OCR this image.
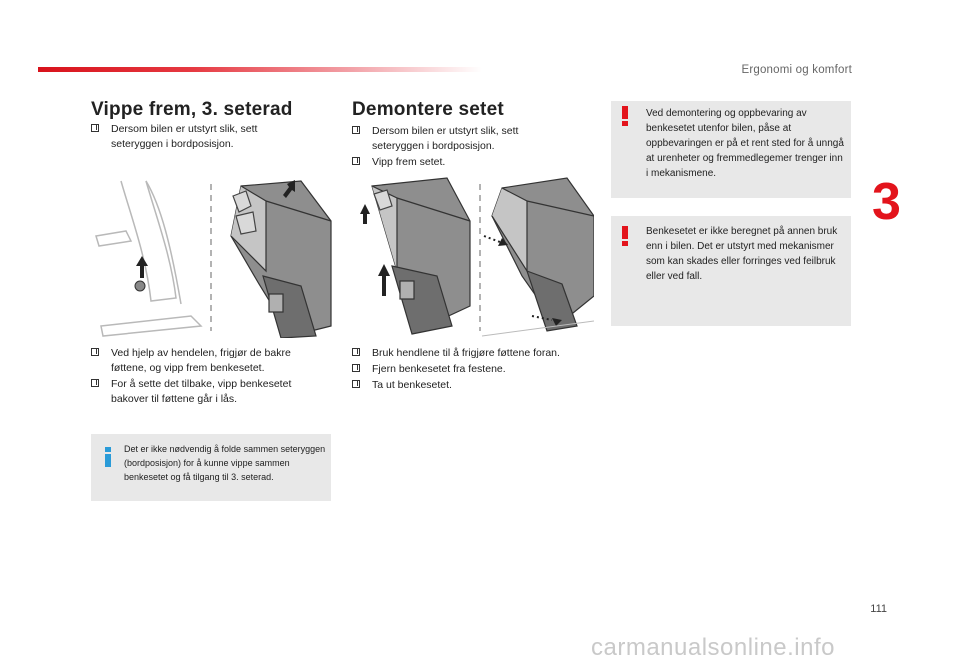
Ergonomi og komfort
3
Vippe frem, 3. seterad
Dersom bilen er utstyrt slik, sett seteryggen i bordposisjon.
Ved hjelp av hendelen, frigjør de bakre føttene, og vipp frem benkesetet.
For å sette det tilbake, vipp benkesetet bakover til føttene går i lås.
Det er ikke nødvendig å folde sammen seteryggen (bordposisjon) for å kunne vippe sammen benkesetet og få tilgang til 3. seterad.
Demontere setet
Dersom bilen er utstyrt slik, sett seteryggen i bordposisjon.
Vipp frem setet.
Bruk hendlene til å frigjøre føttene foran.
Fjern benkesetet fra festene.
Ta ut benkesetet.
Ved demontering og oppbevaring av benkesetet utenfor bilen, påse at oppbevaringen er på et rent sted for å unngå at urenheter og fremmedlegemer trenger inn i mekanismene.
Benkesetet er ikke beregnet på annen bruk enn i bilen. Det er utstyrt med mekanismer som kan skades eller forringes ved feilbruk eller ved fall.
111
carmanualsonline.info
